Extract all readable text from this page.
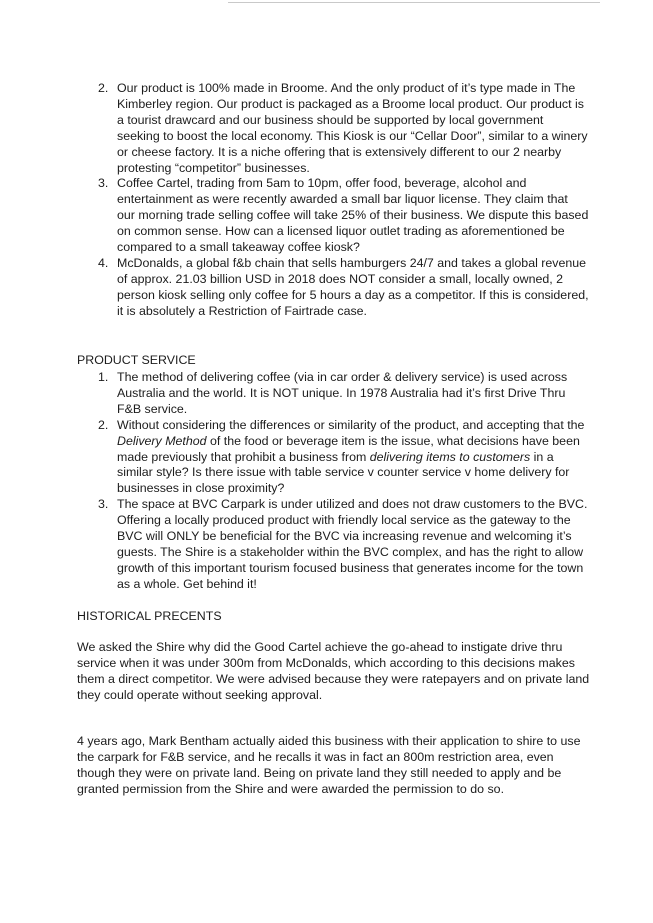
2. Our product is 100% made in Broome. And the only product of it’s type made in The Kimberley region. Our product is packaged as a Broome local product. Our product is a tourist drawcard and our business should be supported by local government seeking to boost the local economy. This Kiosk is our “Cellar Door”, similar to a winery or cheese factory. It is a niche offering that is extensively different to our 2 nearby protesting “competitor” businesses.
3. Coffee Cartel, trading from 5am to 10pm, offer food, beverage, alcohol and entertainment as were recently awarded a small bar liquor license. They claim that our morning trade selling coffee will take 25% of their business. We dispute this based on common sense. How can a licensed liquor outlet trading as aforementioned be compared to a small takeaway coffee kiosk?
4. McDonalds, a global f&b chain that sells hamburgers 24/7 and takes a global revenue of approx. 21.03 billion USD in 2018 does NOT consider a small, locally owned, 2 person kiosk selling only coffee for 5 hours a day as a competitor. If this is considered, it is absolutely a Restriction of Fairtrade case.
PRODUCT SERVICE
1. The method of delivering coffee (via in car order & delivery service) is used across Australia and the world. It is NOT unique. In 1978 Australia had it’s first Drive Thru F&B service.
2. Without considering the differences or similarity of the product, and accepting that the Delivery Method of the food or beverage item is the issue, what decisions have been made previously that prohibit a business from delivering items to customers in a similar style? Is there issue with table service v counter service v home delivery for businesses in close proximity?
3. The space at BVC Carpark is under utilized and does not draw customers to the BVC. Offering a locally produced product with friendly local service as the gateway to the BVC will ONLY be beneficial for the BVC via increasing revenue and welcoming it’s guests. The Shire is a stakeholder within the BVC complex, and has the right to allow growth of this important tourism focused business that generates income for the town as a whole. Get behind it!
HISTORICAL PRECENTS

We asked the Shire why did the Good Cartel achieve the go-ahead to instigate drive thru service when it was under 300m from McDonalds, which according to this decisions makes them a direct competitor. We were advised because they were ratepayers and on private land they could operate without seeking approval.

4 years ago, Mark Bentham actually aided this business with their application to shire to use the carpark for F&B service, and he recalls it was in fact an 800m restriction area, even though they were on private land. Being on private land they still needed to apply and be granted permission from the Shire and were awarded the permission to do so.
